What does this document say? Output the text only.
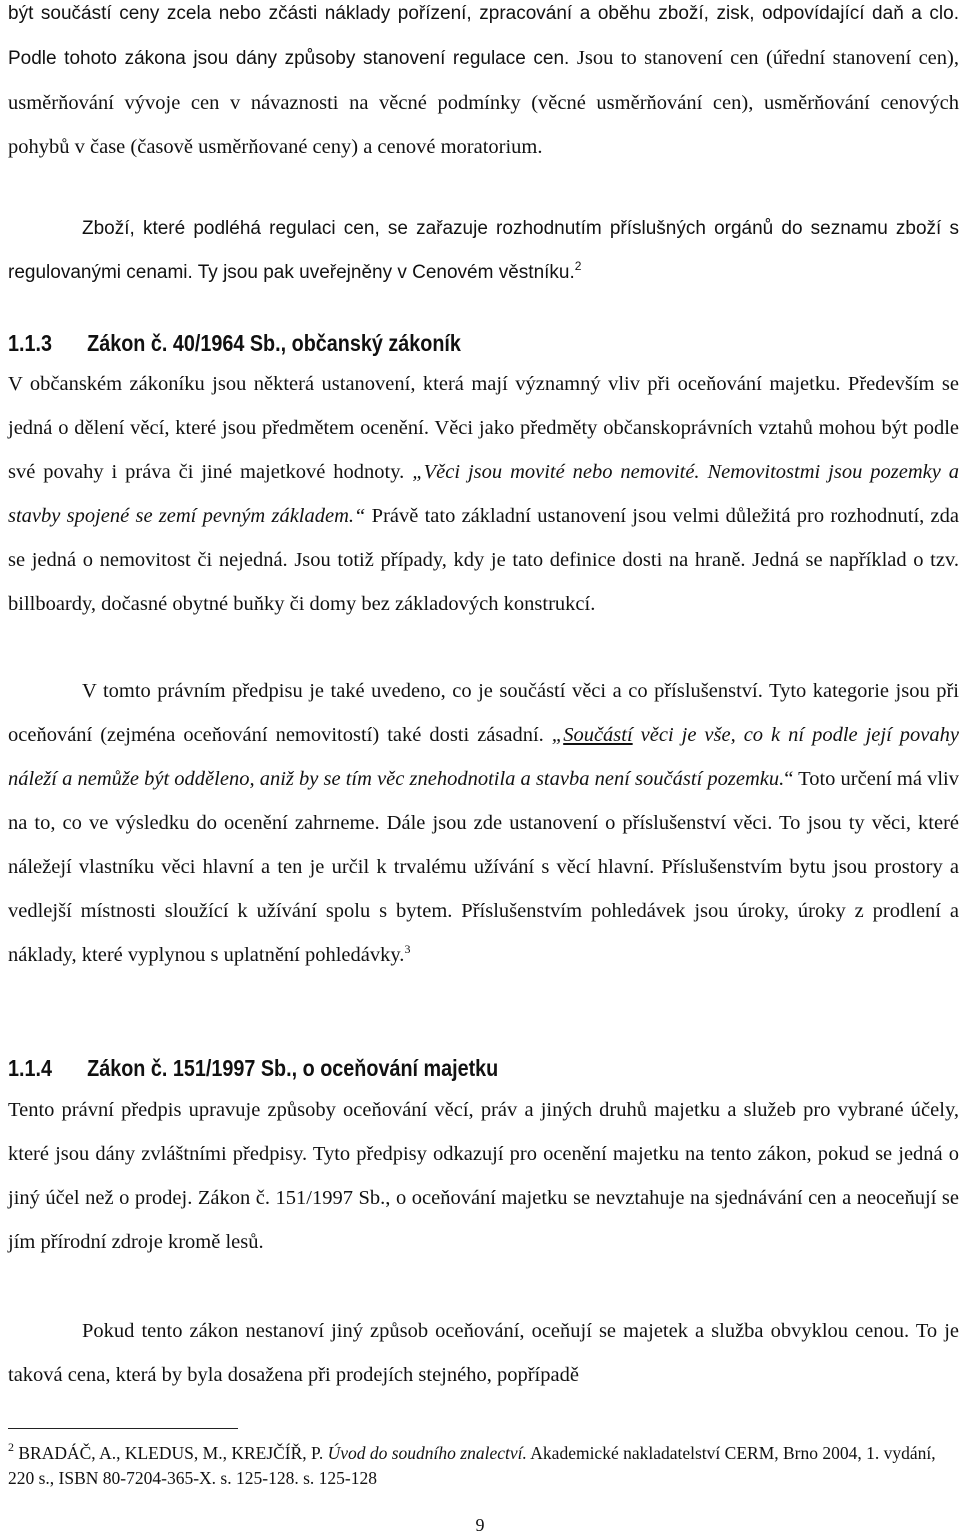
být součástí ceny zcela nebo zčásti náklady pořízení, zpracování a oběhu zboží, zisk, odpovídající daň a clo. Podle tohoto zákona jsou dány způsoby stanovení regulace cen. Jsou to stanovení cen (úřední stanovení cen), usměrňování vývoje cen v návaznosti na věcné podmínky (věcné usměrňování cen), usměrňování cenových pohybů v čase (časově usměrňované ceny) a cenové moratorium.

Zboží, které podléhá regulaci cen, se zařazuje rozhodnutím příslušných orgánů do seznamu zboží s regulovanými cenami. Ty jsou pak uveřejněny v Cenovém věstníku.$^2$

1.1.3 Zákon č. 40/1964 Sb., občanský zákoník

V občanském zákoníku jsou některá ustanovení, která mají významný vliv při oceňování majetku. Především se jedná o dělení věcí, které jsou předmětem ocenění. Věci jako předměty občanskoprávních vztahů mohou být podle své povahy i práva či jiné majetkové hodnoty. „Věci jsou movité nebo nemovité. Nemovitostmi jsou pozemky a stavby spojené se zemí pevným základem.“ Právě tato základní ustanovení jsou velmi důležitá pro rozhodnutí, zda se jedná o nemovitost či nejedná. Jsou totiž případy, kdy je tato definice dosti na hraně. Jedná se například o tzv. billboardy, dočasné obytné buňky či domy bez základových konstrukcí.

V tomto právním předpisu je také uvedeno, co je součástí věci a co příslušenství. Tyto kategorie jsou při oceňování (zejména oceňování nemovitostí) také dosti zásadní. „Součástí věci je vše, co k ní podle její povahy náleží a nemůže být odděleno, aniž by se tím věc znehodnotila a stavba není součástí pozemku.“ Toto určení má vliv na to, co ve výsledku do ocenění zahrneme. Dále jsou zde ustanovení o příslušenství věci. To jsou ty věci, které náležejí vlastníku věci hlavní a ten je určil k trvalému užívání s věcí hlavní. Příslušenstvím bytu jsou prostory a vedlejší místnosti sloužící k užívání spolu s bytem. Příslušenstvím pohledávek jsou úroky, úroky z prodlení a náklady, které vyplynou s uplatnění pohledávky.$^3$

1.1.4 Zákon č. 151/1997 Sb., o oceňování majetku

Tento právní předpis upravuje způsoby oceňování věcí, práv a jiných druhů majetku a služeb pro vybrané účely, které jsou dány zvláštními předpisy. Tyto předpisy odkazují pro ocenění majetku na tento zákon, pokud se jedná o jiný účel než o prodej. Zákon č. 151/1997 Sb., o oceňování majetku se nevztahuje na sjednávání cen a neoceňují se jím přírodní zdroje kromě lesů.

Pokud tento zákon nestanoví jiný způsob oceňování, oceňují se majetek a služba obvyklou cenou. To je taková cena, která by byla dosažena při prodejích stejného, popřípadě

$^2$ BRADÁČ, A., KLEDUS, M., KREJČÍŘ, P. Úvod do soudního znalectví. Akademické nakladatelství CERM, Brno 2004, 1. vydání, 220 s., ISBN 80-7204-365-X. s. 125-128. s. 125-128

9
